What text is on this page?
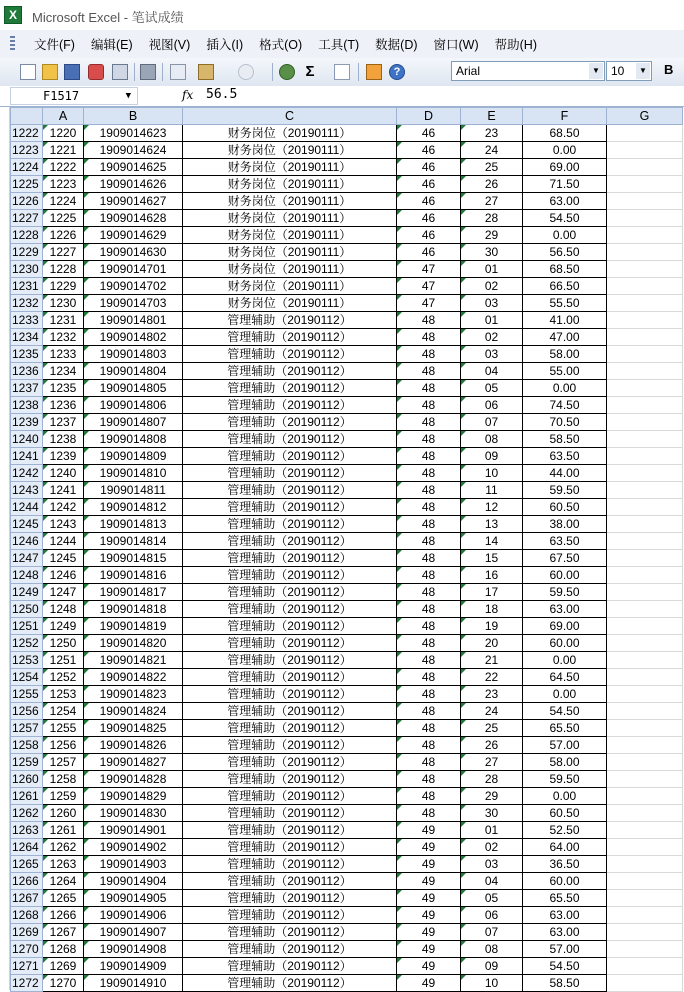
X	Microsoft Excel - 笔试成绩
文件(F)	编辑(E)	视图(V)	插入(I)	格式(O)	工具(T)	数据(D)	窗口(W)	帮助(H)
Σ	?	Arial	▼ 10	▼ B
F1517	▼	fx 56.5
	A	B	C	D	E	F	G
1222	1220	1909014623	财务岗位（20190111）	46	23	68.50	
1223	1221	1909014624	财务岗位（20190111）	46	24	0.00	
1224	1222	1909014625	财务岗位（20190111）	46	25	69.00	
1225	1223	1909014626	财务岗位（20190111）	46	26	71.50	
1226	1224	1909014627	财务岗位（20190111）	46	27	63.00	
1227	1225	1909014628	财务岗位（20190111）	46	28	54.50	
1228	1226	1909014629	财务岗位（20190111）	46	29	0.00	
1229	1227	1909014630	财务岗位（20190111）	46	30	56.50	
1230	1228	1909014701	财务岗位（20190111）	47	01	68.50	
1231	1229	1909014702	财务岗位（20190111）	47	02	66.50	
1232	1230	1909014703	财务岗位（20190111）	47	03	55.50	
1233	1231	1909014801	管理辅助（20190112）	48	01	41.00	
1234	1232	1909014802	管理辅助（20190112）	48	02	47.00	
1235	1233	1909014803	管理辅助（20190112）	48	03	58.00	
1236	1234	1909014804	管理辅助（20190112）	48	04	55.00	
1237	1235	1909014805	管理辅助（20190112）	48	05	0.00	
1238	1236	1909014806	管理辅助（20190112）	48	06	74.50	
1239	1237	1909014807	管理辅助（20190112）	48	07	70.50	
1240	1238	1909014808	管理辅助（20190112）	48	08	58.50	
1241	1239	1909014809	管理辅助（20190112）	48	09	63.50	
1242	1240	1909014810	管理辅助（20190112）	48	10	44.00	
1243	1241	1909014811	管理辅助（20190112）	48	11	59.50	
1244	1242	1909014812	管理辅助（20190112）	48	12	60.50	
1245	1243	1909014813	管理辅助（20190112）	48	13	38.00	
1246	1244	1909014814	管理辅助（20190112）	48	14	63.50	
1247	1245	1909014815	管理辅助（20190112）	48	15	67.50	
1248	1246	1909014816	管理辅助（20190112）	48	16	60.00	
1249	1247	1909014817	管理辅助（20190112）	48	17	59.50	
1250	1248	1909014818	管理辅助（20190112）	48	18	63.00	
1251	1249	1909014819	管理辅助（20190112）	48	19	69.00	
1252	1250	1909014820	管理辅助（20190112）	48	20	60.00	
1253	1251	1909014821	管理辅助（20190112）	48	21	0.00	
1254	1252	1909014822	管理辅助（20190112）	48	22	64.50	
1255	1253	1909014823	管理辅助（20190112）	48	23	0.00	
1256	1254	1909014824	管理辅助（20190112）	48	24	54.50	
1257	1255	1909014825	管理辅助（20190112）	48	25	65.50	
1258	1256	1909014826	管理辅助（20190112）	48	26	57.00	
1259	1257	1909014827	管理辅助（20190112）	48	27	58.00	
1260	1258	1909014828	管理辅助（20190112）	48	28	59.50	
1261	1259	1909014829	管理辅助（20190112）	48	29	0.00	
1262	1260	1909014830	管理辅助（20190112）	48	30	60.50	
1263	1261	1909014901	管理辅助（20190112）	49	01	52.50	
1264	1262	1909014902	管理辅助（20190112）	49	02	64.00	
1265	1263	1909014903	管理辅助（20190112）	49	03	36.50	
1266	1264	1909014904	管理辅助（20190112）	49	04	60.00	
1267	1265	1909014905	管理辅助（20190112）	49	05	65.50	
1268	1266	1909014906	管理辅助（20190112）	49	06	63.00	
1269	1267	1909014907	管理辅助（20190112）	49	07	63.00	
1270	1268	1909014908	管理辅助（20190112）	49	08	57.00	
1271	1269	1909014909	管理辅助（20190112）	49	09	54.50	
1272	1270	1909014910	管理辅助（20190112）	49	10	58.50	
